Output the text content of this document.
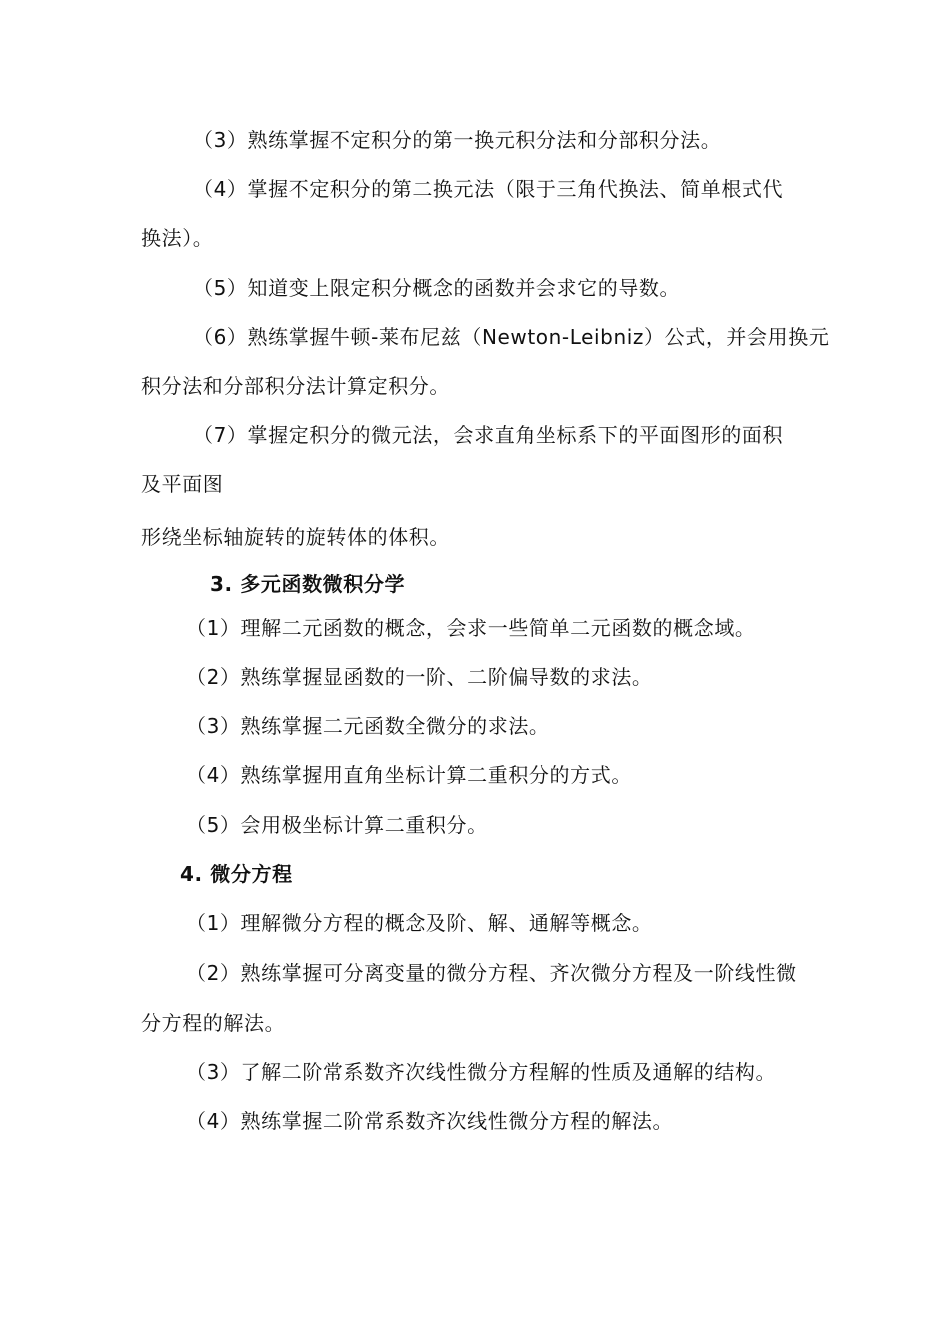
（3）熟练掌握不定积分的第一换元积分法和分部积分法。
（4）掌握不定积分的第二换元法（限于三角代换法、简单根式代
换法）。
（5）知道变上限定积分概念的函数并会求它的导数。
（6）熟练掌握牛顿-莱布尼兹（Newton-Leibniz）公式，并会用换元
积分法和分部积分法计算定积分。
（7）掌握定积分的微元法，会求直角坐标系下的平面图形的面积
及平面图
形绕坐标轴旋转的旋转体的体积。
3. 多元函数微积分学
（1）理解二元函数的概念，会求一些简单二元函数的概念域。
（2）熟练掌握显函数的一阶、二阶偏导数的求法。
（3）熟练掌握二元函数全微分的求法。
（4）熟练掌握用直角坐标计算二重积分的方式。
（5）会用极坐标计算二重积分。
4. 微分方程
（1）理解微分方程的概念及阶、解、通解等概念。
（2）熟练掌握可分离变量的微分方程、齐次微分方程及一阶线性微
分方程的解法。
（3）了解二阶常系数齐次线性微分方程解的性质及通解的结构。
（4）熟练掌握二阶常系数齐次线性微分方程的解法。
